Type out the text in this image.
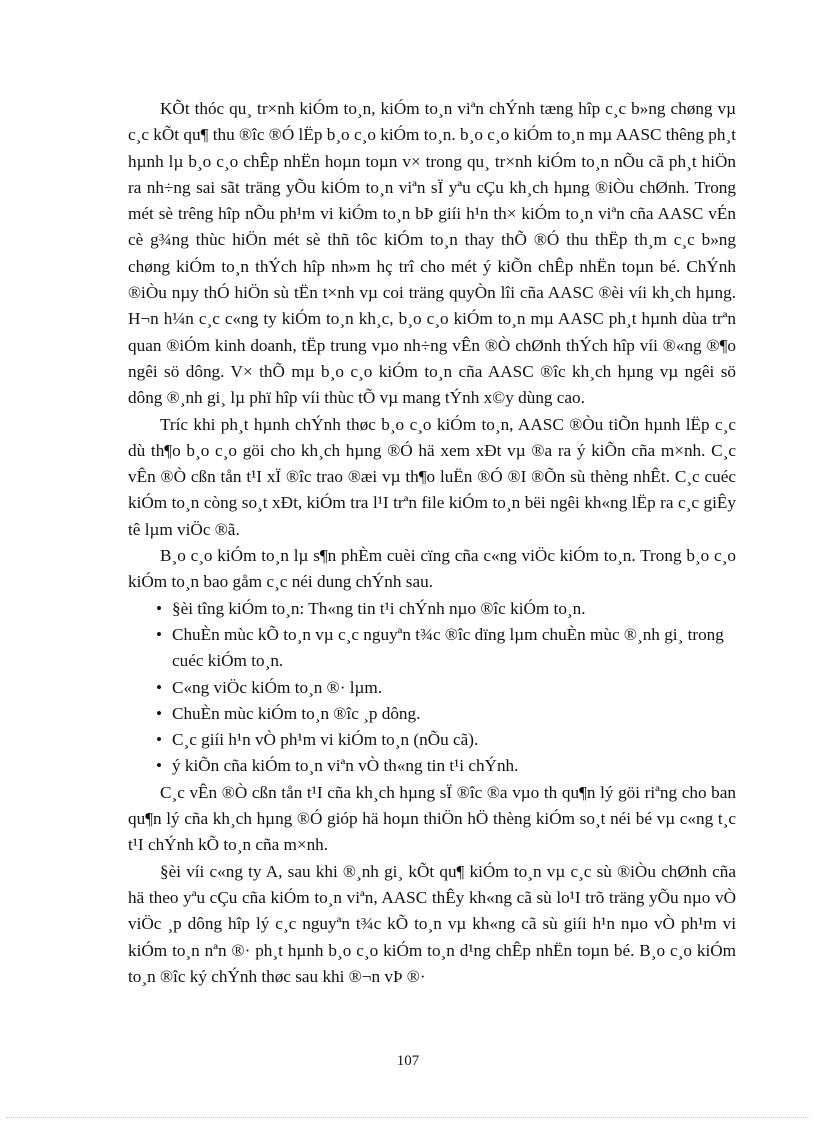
KÕt thóc qu¸ tr×nh kiÓm to¸n, kiÓm to¸n viªn chÝnh tæng hîp c¸c b»ng chøng vµ c¸c kÕt qu¶ thu ®îc ®Ó lËp b¸o c¸o kiÓm to¸n. b¸o c¸o kiÓm to¸n mµ AASC thêng ph¸t hµnh lµ b¸o c¸o chÊp nhËn hoµn toµn v× trong qu¸ tr×nh kiÓm to¸n nÕu cã ph¸t hiÖn ra nh÷ng sai sãt träng yÕu kiÓm to¸n viªn sÏ yªu cÇu kh¸ch hµng ®iÒu chØnh. Trong mét sè trêng hîp nÕu ph¹m vi kiÓm to¸n bÞ giíi h¹n th× kiÓm to¸n viªn cña AASC vÉn cè g¾ng thùc hiÖn mét sè thñ tôc kiÓm to¸n thay thÕ ®Ó thu thËp th¸m c¸c b»ng chøng kiÓm to¸n thÝch hîp nh»m hç trî cho mét ý kiÕn chÊp nhËn toµn bé. ChÝnh ®iÒu nµy thÓ hiÖn sù tËn t×nh vµ coi träng quyÒn lîi cña AASC ®èi víi kh¸ch hµng. H¬n h¼n c¸c c«ng ty kiÓm to¸n kh¸c, b¸o c¸o kiÓm to¸n mµ AASC ph¸t hµnh dùa trªn quan ®iÓm kinh doanh, tËp trung vµo nh÷ng vÊn ®Ò chØnh thÝch hîp víi ®«ng ®¶o ngêi sö dông. V× thÕ mµ b¸o c¸o kiÓm to¸n cña AASC ®îc kh¸ch hµng vµ ngêi sö dông ®¸nh gi¸ lµ phï hîp víi thùc tÕ vµ mang tÝnh x©y dùng cao.

Tríc khi ph¸t hµnh chÝnh thøc b¸o c¸o kiÓm to¸n, AASC ®Òu tiÕn hµnh lËp c¸c dù th¶o b¸o c¸o göi cho kh¸ch hµng ®Ó hä xem xÐt vµ ®a ra ý kiÕn cña m×nh. C¸c vÊn ®Ò cßn tån t¹I xÏ ®îc trao ®æi vµ th¶o luËn ®Ó ®I ®Õn sù thèng nhÊt. C¸c cuéc kiÓm to¸n còng so¸t xÐt, kiÓm tra l¹I trªn file kiÓm to¸n bëi ngêi kh«ng lËp ra c¸c giÊy tê lµm viÖc ®ã.

B¸o c¸o kiÓm to¸n lµ s¶n phÈm cuèi cïng cña c«ng viÖc kiÓm to¸n. Trong b¸o c¸o kiÓm to¸n bao gåm c¸c néi dung chÝnh sau.

• §èi tîng kiÓm to¸n: Th«ng tin t¹i chÝnh nµo ®îc kiÓm to¸n.
• ChuÈn mùc kÕ to¸n vµ c¸c nguyªn t¾c ®îc dïng lµm chuÈn mùc ®¸nh gi¸ trong cuéc kiÓm to¸n.
• C«ng viÖc kiÓm to¸n ®· lµm.
• ChuÈn mùc kiÓm to¸n ®îc ¸p dông.
• C¸c giíi h¹n vÒ ph¹m vi kiÓm to¸n (nÕu cã).
• ý kiÕn cña kiÓm to¸n viªn vÒ th«ng tin t¹i chÝnh.

C¸c vÊn ®Ò cßn tån t¹I cña kh¸ch hµng sÏ ®îc ®a vµo th qu¶n lý göi riªng cho ban qu¶n lý cña kh¸ch hµng ®Ó gióp hä hoµn thiÖn hÖ thèng kiÓm so¸t néi bé vµ c«ng t¸c t¹I chÝnh kÕ to¸n cña m×nh.

§èi víi c«ng ty A, sau khi ®¸nh gi¸ kÕt qu¶ kiÓm to¸n vµ c¸c sù ®iÒu chØnh cña hä theo yªu cÇu cña kiÓm to¸n viªn, AASC thÊy kh«ng cã sù lo¹I trõ träng yÕu nµo vÒ viÖc ¸p dông hîp lý c¸c nguyªn t¾c kÕ to¸n vµ kh«ng cã sù giíi h¹n nµo vÒ ph¹m vi kiÓm to¸n nªn ®· ph¸t hµnh b¸o c¸o kiÓm to¸n d¹ng chÊp nhËn toµn bé. B¸o c¸o kiÓm to¸n ®îc ký chÝnh thøc sau khi ®¬n vÞ ®·

107
